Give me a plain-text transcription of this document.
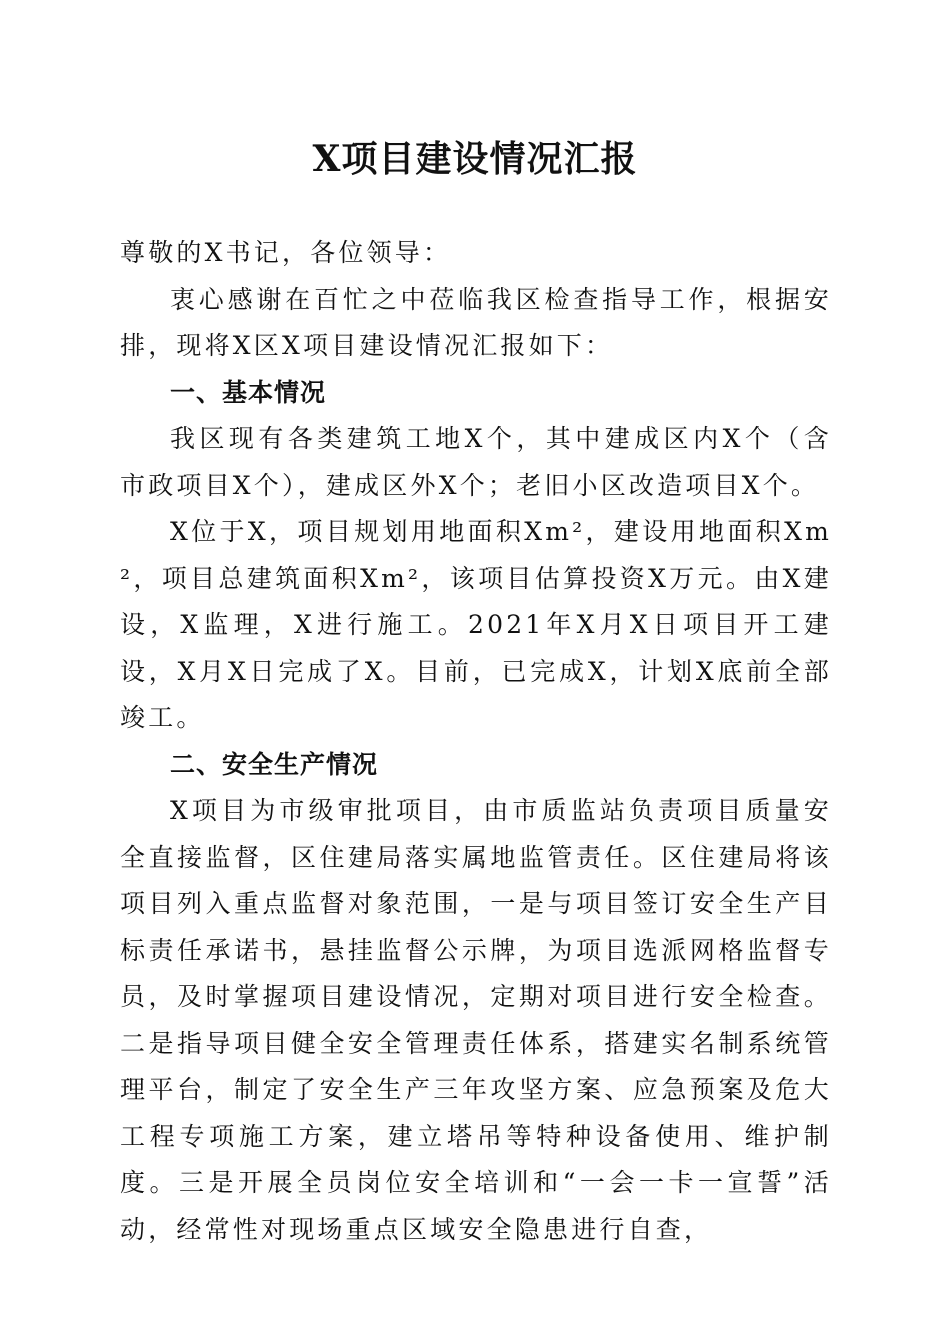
X项目建设情况汇报

尊敬的X书记，各位领导：

衷心感谢在百忙之中莅临我区检查指导工作，根据安排，现将X区X项目建设情况汇报如下：

一、基本情况

我区现有各类建筑工地X个，其中建成区内X个（含市政项目X个），建成区外X个；老旧小区改造项目X个。

X位于X，项目规划用地面积Xm²，建设用地面积Xm²，项目总建筑面积Xm²，该项目估算投资X万元。由X建设，X监理，X进行施工。2021年X月X日项目开工建设，X月X日完成了X。目前，已完成X，计划X底前全部竣工。

二、安全生产情况

X项目为市级审批项目，由市质监站负责项目质量安全直接监督，区住建局落实属地监管责任。区住建局将该项目列入重点监督对象范围，一是与项目签订安全生产目标责任承诺书，悬挂监督公示牌，为项目选派网格监督专员，及时掌握项目建设情况，定期对项目进行安全检查。二是指导项目健全安全管理责任体系，搭建实名制系统管理平台，制定了安全生产三年攻坚方案、应急预案及危大工程专项施工方案，建立塔吊等特种设备使用、维护制度。三是开展全员岗位安全培训和“一会一卡一宣誓”活动，经常性对现场重点区域安全隐患进行自查，
